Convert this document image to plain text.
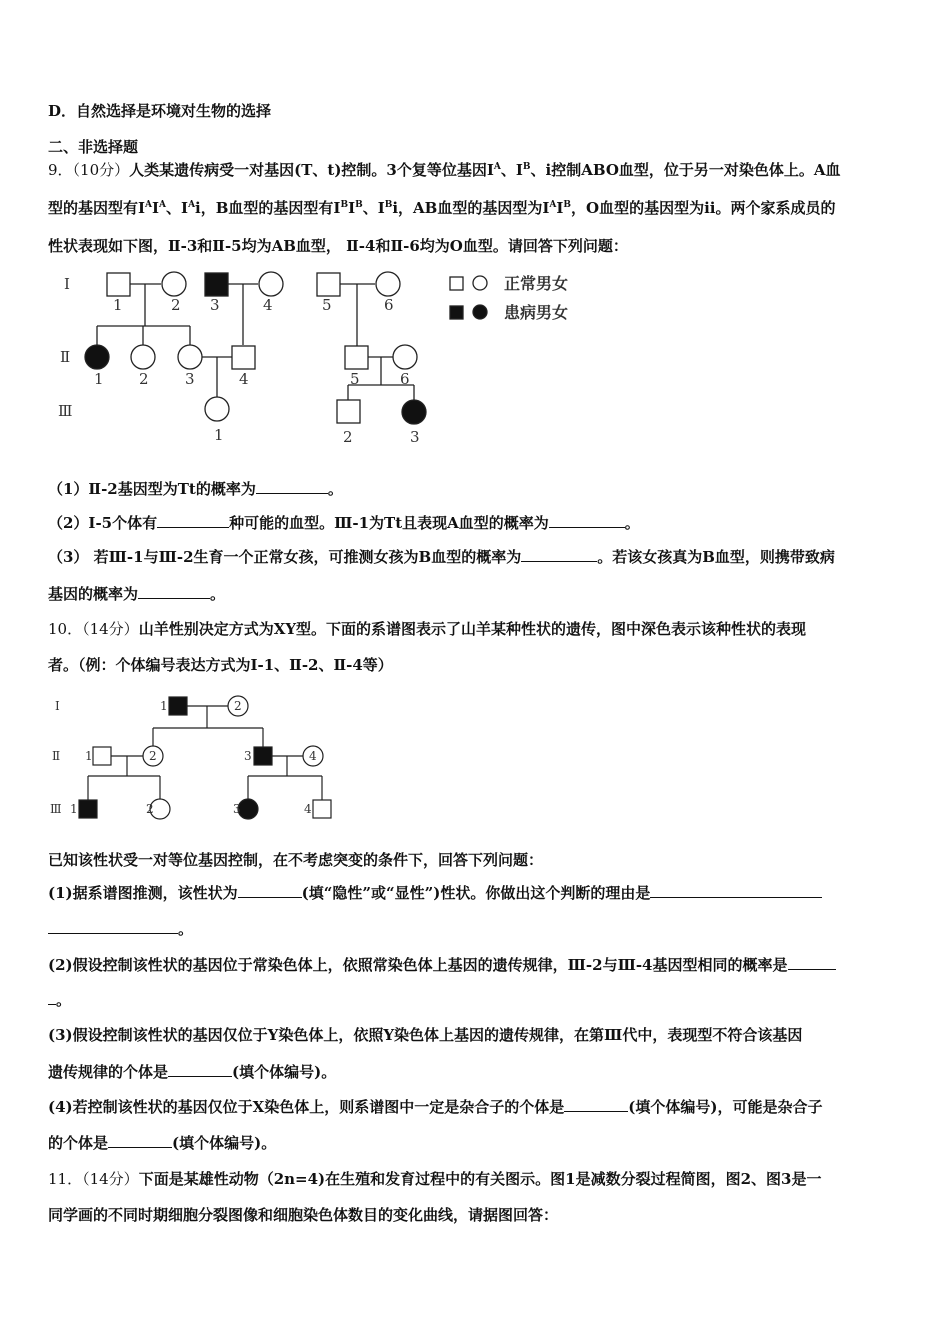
D．自然选择是环境对生物的选择
二、非选择题
9．（10分）人类某遗传病受一对基因(T、t)控制。3个复等位基因$I^A$、$I^B$、i控制ABO血型，位于另一对染色体上。A血
型的基因型有$I^AI^A$、$I^Ai$，B血型的基因型有$I^BI^B$、$I^Bi$，AB血型的基因型为$I^AI^B$，O血型的基因型为ii。两个家系成员的
性状表现如下图，Ⅱ-3和Ⅱ-5均为AB血型， Ⅱ-4和Ⅱ-6均为O血型。请回答下列问题：
Ⅰ
Ⅱ
Ⅲ
1	2 3	4	5	6
1 2 3	4	5	6
1	2	3
正常男女
患病男女
（1）Ⅱ-2基因型为Tt的概率为	。
（2）Ⅰ-5个体有	种可能的血型。Ⅲ-1为Tt且表现A血型的概率为	。
（3） 若Ⅲ-1与Ⅲ-2生育一个正常女孩，可推测女孩为B血型的概率为	。若该女孩真为B血型，则携带致病
基因的概率为	。
10．（14分）山羊性别决定方式为XY型。下面的系谱图表示了山羊某种性状的遗传，图中深色表示该种性状的表现
者。（例：个体编号表达方式为Ⅰ-1、Ⅱ-2、Ⅱ-4等）
Ⅰ
Ⅱ
Ⅲ
1	2
1	2	3	4
1	2	3	4
已知该性状受一对等位基因控制，在不考虑突变的条件下，回答下列问题：
(1)据系谱图推测，该性状为	(填“隐性”或“显性”)性状。你做出这个判断的理由是
。
(2)假设控制该性状的基因位于常染色体上，依照常染色体上基因的遗传规律，Ⅲ-2与Ⅲ-4基因型相同的概率是
。
(3)假设控制该性状的基因仅位于Y染色体上，依照Y染色体上基因的遗传规律，在第Ⅲ代中，表现型不符合该基因
遗传规律的个体是	(填个体编号)。
(4)若控制该性状的基因仅位于X染色体上，则系谱图中一定是杂合子的个体是	(填个体编号)，可能是杂合子
的个体是	(填个体编号)。
11．（14分）下面是某雄性动物（2n=4)在生殖和发育过程中的有关图示。图1是减数分裂过程简图，图2、图3是一
同学画的不同时期细胞分裂图像和细胞染色体数目的变化曲线，请据图回答：
